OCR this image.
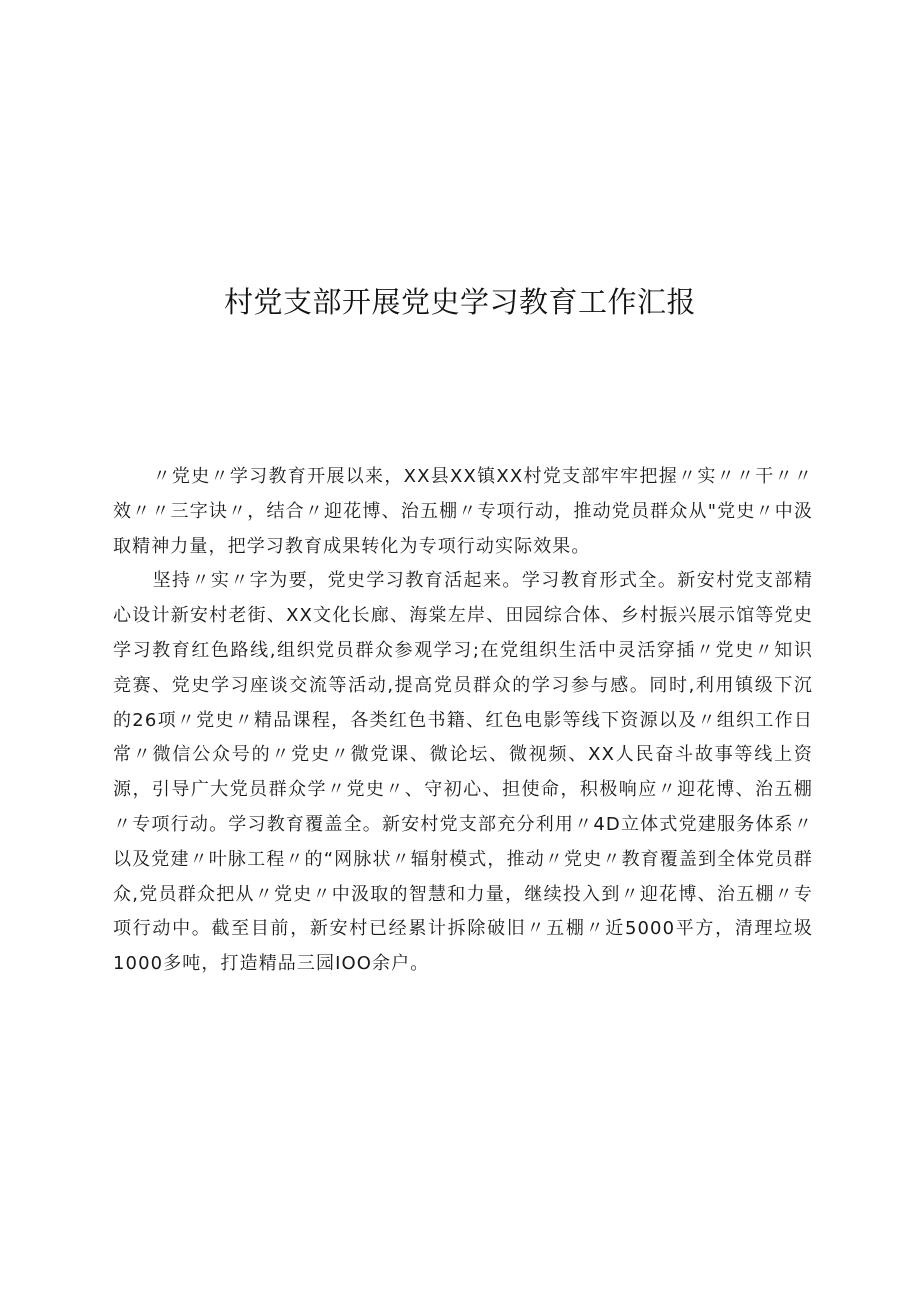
村党支部开展党史学习教育工作汇报

〃党史〃学习教育开展以来，XX县XX镇XX村党支部牢牢把握〃实〃〃干〃〃效〃〃三字诀〃，结合〃迎花博、治五棚〃专项行动，推动党员群众从"党史〃中汲取精神力量，把学习教育成果转化为专项行动实际效果。

坚持〃实〃字为要，党史学习教育活起来。学习教育形式全。新安村党支部精心设计新安村老街、XX文化长廊、海棠左岸、田园综合体、乡村振兴展示馆等党史学习教育红色路线,组织党员群众参观学习;在党组织生活中灵活穿插〃党史〃知识竞赛、党史学习座谈交流等活动,提高党员群众的学习参与感。同时,利用镇级下沉的26项〃党史〃精品课程，各类红色书籍、红色电影等线下资源以及〃组织工作日常〃微信公众号的〃党史〃微党课、微论坛、微视频、XX人民奋斗故事等线上资源，引导广大党员群众学〃党史〃、守初心、担使命，积极响应〃迎花博、治五棚〃专项行动。学习教育覆盖全。新安村党支部充分利用〃4D立体式党建服务体系〃以及党建〃叶脉工程〃的“网脉状〃辐射模式，推动〃党史〃教育覆盖到全体党员群众,党员群众把从〃党史〃中汲取的智慧和力量，继续投入到〃迎花博、治五棚〃专项行动中。截至目前，新安村已经累计拆除破旧〃五棚〃近5000平方，清理垃圾1000多吨，打造精品三园IOO余户。
